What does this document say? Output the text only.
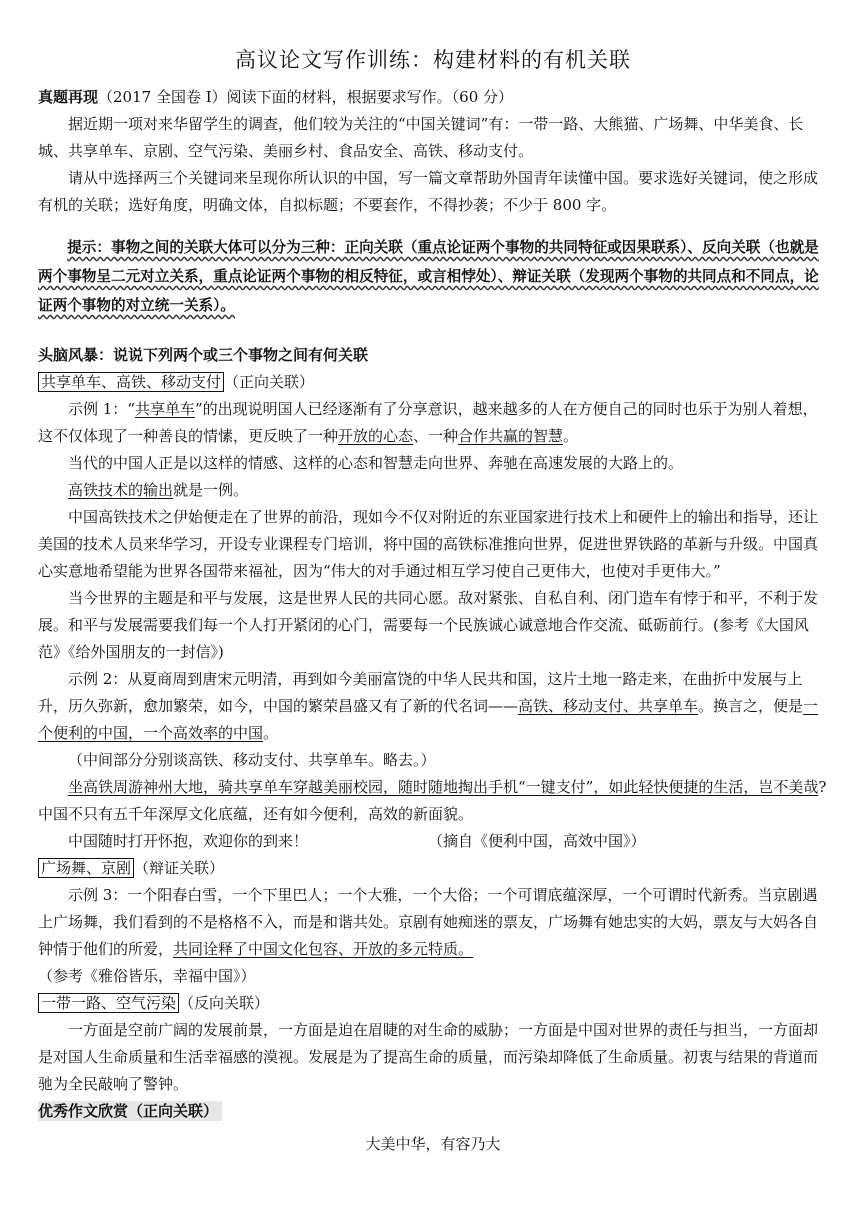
高议论文写作训练：构建材料的有机关联

真题再现（2017 全国卷 I）阅读下面的材料，根据要求写作。（60 分）

据近期一项对来华留学生的调查，他们较为关注的“中国关键词”有：一带一路、大熊猫、广场舞、中华美食、长城、共享单车、京剧、空气污染、美丽乡村、食品安全、高铁、移动支付。

请从中选择两三个关键词来呈现你所认识的中国，写一篇文章帮助外国青年读懂中国。要求选好关键词，使之形成有机的关联；选好角度，明确文体，自拟标题；不要套作，不得抄袭；不少于 800 字。

提示：事物之间的关联大体可以分为三种：正向关联（重点论证两个事物的共同特征或因果联系）、反向关联（也就是两个事物呈二元对立关系，重点论证两个事物的相反特征，或言相悖处）、辩证关联（发现两个事物的共同点和不同点，论证两个事物的对立统一关系）。

头脑风暴：说说下列两个或三个事物之间有何关联

共享单车、高铁、移动支付 （正向关联）

示例 1：“共享单车”的出现说明国人已经逐渐有了分享意识，越来越多的人在方便自己的同时也乐于为别人着想，这不仅体现了一种善良的情愫，更反映了一种开放的心态、一种合作共赢的智慧。

当代的中国人正是以这样的情感、这样的心态和智慧走向世界、奔驰在高速发展的大路上的。

高铁技术的输出就是一例。

中国高铁技术之伊始便走在了世界的前沿，现如今不仅对附近的东亚国家进行技术上和硬件上的输出和指导，还让美国的技术人员来华学习，开设专业课程专门培训，将中国的高铁标准推向世界，促进世界铁路的革新与升级。中国真心实意地希望能为世界各国带来福祉，因为“伟大的对手通过相互学习使自己更伟大，也使对手更伟大。”

当今世界的主题是和平与发展，这是世界人民的共同心愿。敌对紧张、自私自利、闭门造车有悖于和平，不利于发展。和平与发展需要我们每一个人打开紧闭的心门，需要每一个民族诚心诚意地合作交流、砥砺前行。(参考《大国风范》《给外国朋友的一封信》)

示例 2：从夏商周到唐宋元明清，再到如今美丽富饶的中华人民共和国，这片土地一路走来，在曲折中发展与上升，历久弥新，愈加繁荣，如今，中国的繁荣昌盛又有了新的代名词——高铁、移动支付、共享单车。换言之，便是一个便利的中国，一个高效率的中国。

（中间部分分别谈高铁、移动支付、共享单车。略去。）

坐高铁周游神州大地，骑共享单车穿越美丽校园，随时随地掏出手机“一键支付”，如此轻快便捷的生活，岂不美哉?中国不只有五千年深厚文化底蕴，还有如今便利，高效的新面貌。

中国随时打开怀抱，欢迎你的到来！	（摘自《便利中国，高效中国》）

广场舞、京剧 （辩证关联）

示例 3：一个阳春白雪，一个下里巴人；一个大雅，一个大俗；一个可谓底蕴深厚，一个可谓时代新秀。当京剧遇上广场舞，我们看到的不是格格不入，而是和谐共处。京剧有她痴迷的票友，广场舞有她忠实的大妈，票友与大妈各自钟情于他们的所爱，共同诠释了中国文化包容、开放的多元特质。

（参考《雅俗皆乐，幸福中国》）

一带一路、空气污染 （反向关联）

一方面是空前广阔的发展前景，一方面是迫在眉睫的对生命的威胁；一方面是中国对世界的责任与担当，一方面却是对国人生命质量和生活幸福感的漠视。发展是为了提高生命的质量，而污染却降低了生命质量。初衷与结果的背道而驰为全民敲响了警钟。

优秀作文欣赏（正向关联）

大美中华，有容乃大
